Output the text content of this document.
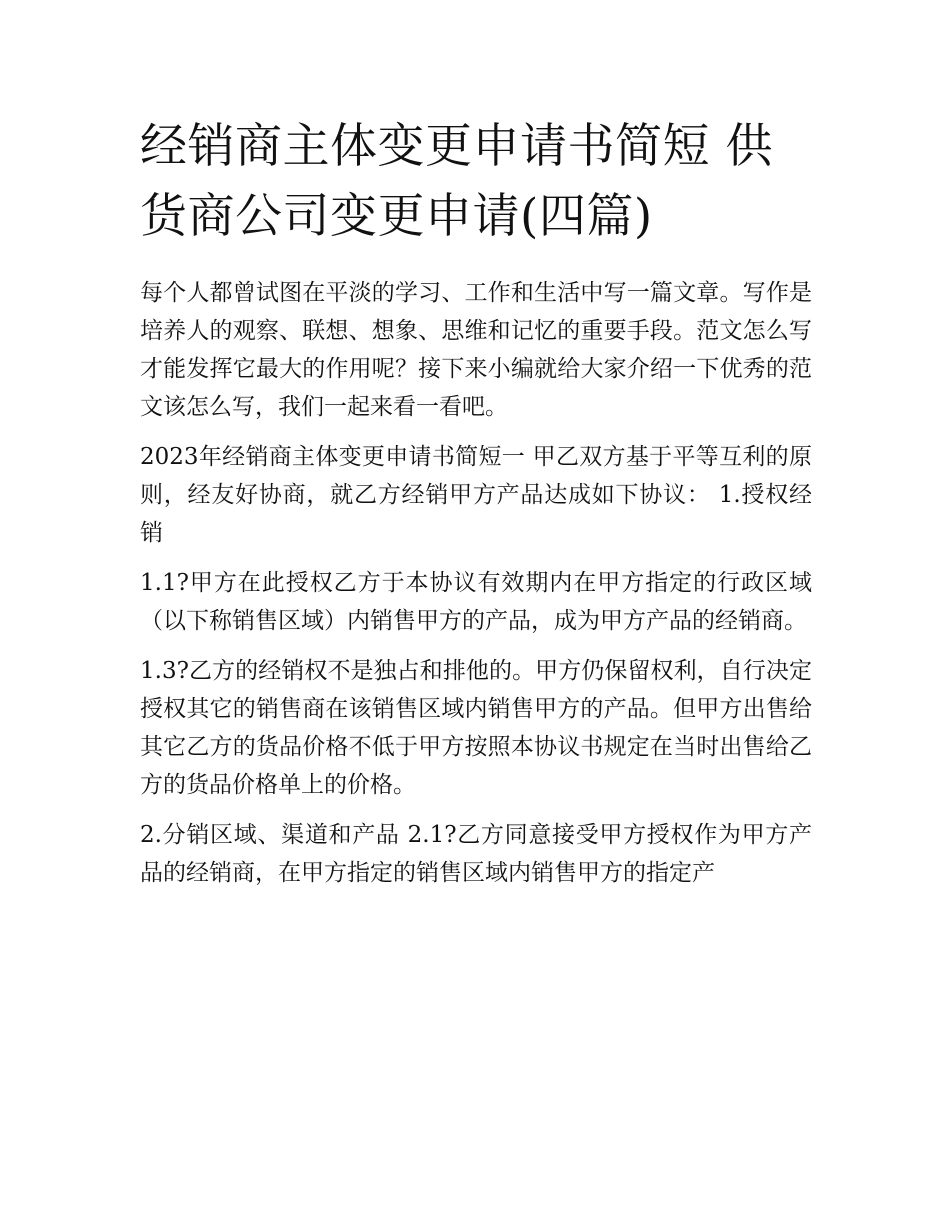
经销商主体变更申请书简短 供货商公司变更申请(四篇)

每个人都曾试图在平淡的学习、工作和生活中写一篇文章。写作是培养人的观察、联想、想象、思维和记忆的重要手段。范文怎么写才能发挥它最大的作用呢？接下来小编就给大家介绍一下优秀的范文该怎么写，我们一起来看一看吧。

2023年经销商主体变更申请书简短一 甲乙双方基于平等互利的原则，经友好协商，就乙方经销甲方产品达成如下协议： 1.授权经销

1.1?甲方在此授权乙方于本协议有效期内在甲方指定的行政区域（以下称销售区域）内销售甲方的产品，成为甲方产品的经销商。

1.3?乙方的经销权不是独占和排他的。甲方仍保留权利，自行决定授权其它的销售商在该销售区域内销售甲方的产品。但甲方出售给其它乙方的货品价格不低于甲方按照本协议书规定在当时出售给乙方的货品价格单上的价格。

2.分销区域、渠道和产品 2.1?乙方同意接受甲方授权作为甲方产品的经销商，在甲方指定的销售区域内销售甲方的指定产
